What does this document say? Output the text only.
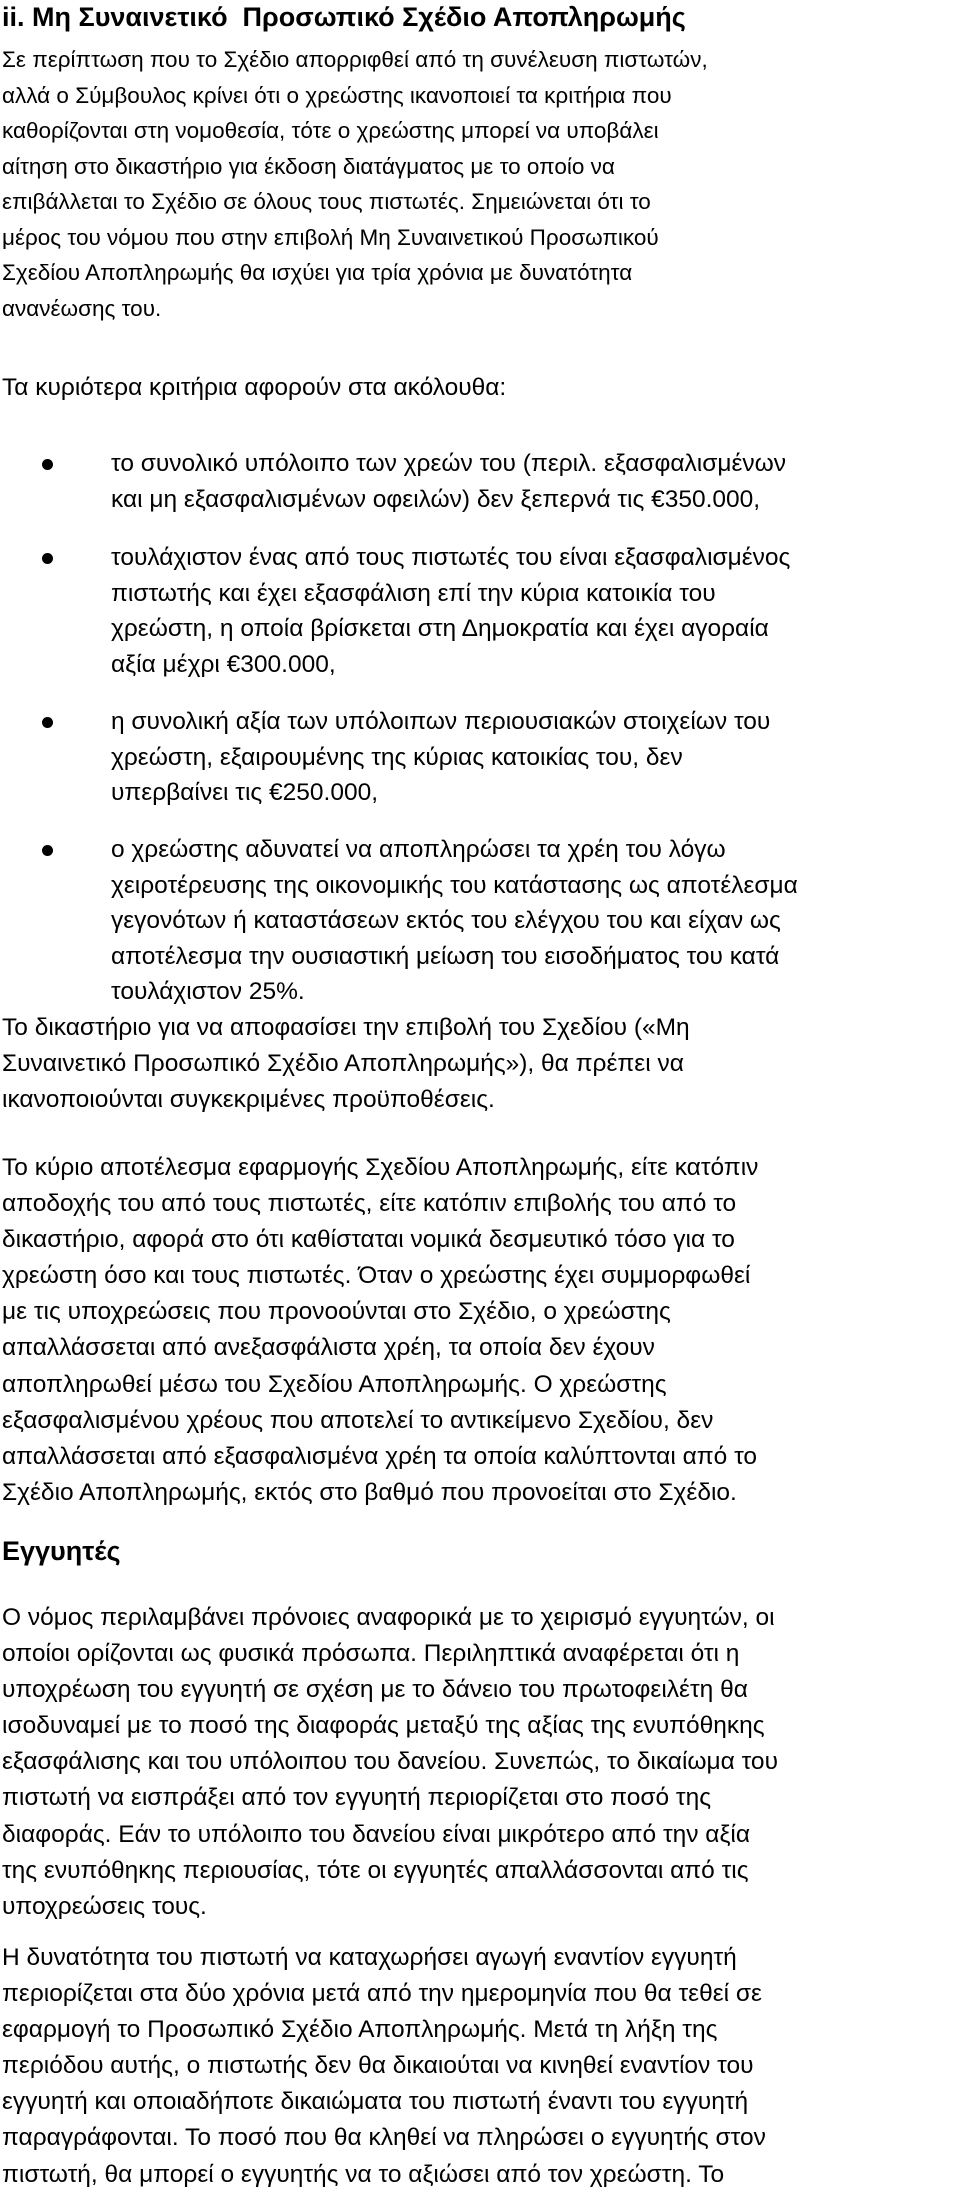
ii. Μη Συναινετικό  Προσωπικό Σχέδιο Αποπληρωμής
Σε περίπτωση που το Σχέδιο απορριφθεί από τη συνέλευση πιστωτών,
αλλά ο Σύμβουλος κρίνει ότι ο χρεώστης ικανοποιεί τα κριτήρια που
καθορίζονται στη νομοθεσία, τότε ο χρεώστης μπορεί να υποβάλει
αίτηση στο δικαστήριο για έκδοση διατάγματος με το οποίο να
επιβάλλεται το Σχέδιο σε όλους τους πιστωτές. Σημειώνεται ότι το
μέρος του νόμου που στην επιβολή Μη Συναινετικού Προσωπικού
Σχεδίου Αποπληρωμής θα ισχύει για τρία χρόνια με δυνατότητα
ανανέωσης του.
Τα κυριότερα κριτήρια αφορούν στα ακόλουθα:
το συνολικό υπόλοιπο των χρεών του (περιλ. εξασφαλισμένων
και μη εξασφαλισμένων οφειλών) δεν ξεπερνά τις €350.000,
τουλάχιστον ένας από τους πιστωτές του είναι εξασφαλισμένος
πιστωτής και έχει εξασφάλιση επί την κύρια κατοικία του
χρεώστη, η οποία βρίσκεται στη Δημοκρατία και έχει αγοραία
αξία μέχρι €300.000,
η συνολική αξία των υπόλοιπων περιουσιακών στοιχείων του
χρεώστη, εξαιρουμένης της κύριας κατοικίας του, δεν
υπερβαίνει τις €250.000,
ο χρεώστης αδυνατεί να αποπληρώσει τα χρέη του λόγω
χειροτέρευσης της οικονομικής του κατάστασης ως αποτέλεσμα
γεγονότων ή καταστάσεων εκτός του ελέγχου του και είχαν ως
αποτέλεσμα την ουσιαστική μείωση του εισοδήματος του κατά
τουλάχιστον 25%.
Το δικαστήριο για να αποφασίσει την επιβολή του Σχεδίου («Μη
Συναινετικό Προσωπικό Σχέδιο Αποπληρωμής»), θα πρέπει να
ικανοποιούνται συγκεκριμένες προϋποθέσεις.
Το κύριο αποτέλεσμα εφαρμογής Σχεδίου Αποπληρωμής, είτε κατόπιν
αποδοχής του από τους πιστωτές, είτε κατόπιν επιβολής του από το
δικαστήριο, αφορά στο ότι καθίσταται νομικά δεσμευτικό τόσο για το
χρεώστη όσο και τους πιστωτές. Όταν ο χρεώστης έχει συμμορφωθεί
με τις υποχρεώσεις που προνοούνται στο Σχέδιο, ο χρεώστης
απαλλάσσεται από ανεξασφάλιστα χρέη, τα οποία δεν έχουν
αποπληρωθεί μέσω του Σχεδίου Αποπληρωμής. Ο χρεώστης
εξασφαλισμένου χρέους που αποτελεί το αντικείμενο Σχεδίου, δεν
απαλλάσσεται από εξασφαλισμένα χρέη τα οποία καλύπτονται από το
Σχέδιο Αποπληρωμής, εκτός στο βαθμό που προνοείται στο Σχέδιο.
Εγγυητές
Ο νόμος περιλαμβάνει πρόνοιες αναφορικά με το χειρισμό εγγυητών, οι
οποίοι ορίζονται ως φυσικά πρόσωπα. Περιληπτικά αναφέρεται ότι η
υποχρέωση του εγγυητή σε σχέση με το δάνειο του πρωτοφειλέτη θα
ισοδυναμεί με το ποσό της διαφοράς μεταξύ της αξίας της ενυπόθηκης
εξασφάλισης και του υπόλοιπου του δανείου. Συνεπώς, το δικαίωμα του
πιστωτή να εισπράξει από τον εγγυητή περιορίζεται στο ποσό της
διαφοράς. Εάν το υπόλοιπο του δανείου είναι μικρότερο από την αξία
της ενυπόθηκης περιουσίας, τότε οι εγγυητές απαλλάσσονται από τις
υποχρεώσεις τους.
Η δυνατότητα του πιστωτή να καταχωρήσει αγωγή εναντίον εγγυητή
περιορίζεται στα δύο χρόνια μετά από την ημερομηνία που θα τεθεί σε
εφαρμογή το Προσωπικό Σχέδιο Αποπληρωμής. Μετά τη λήξη της
περιόδου αυτής, ο πιστωτής δεν θα δικαιούται να κινηθεί εναντίον του
εγγυητή και οποιαδήποτε δικαιώματα του πιστωτή έναντι του εγγυητή
παραγράφονται. Το ποσό που θα κληθεί να πληρώσει ο εγγυητής στον
πιστωτή, θα μπορεί ο εγγυητής να το αξιώσει από τον χρεώστη. Το
